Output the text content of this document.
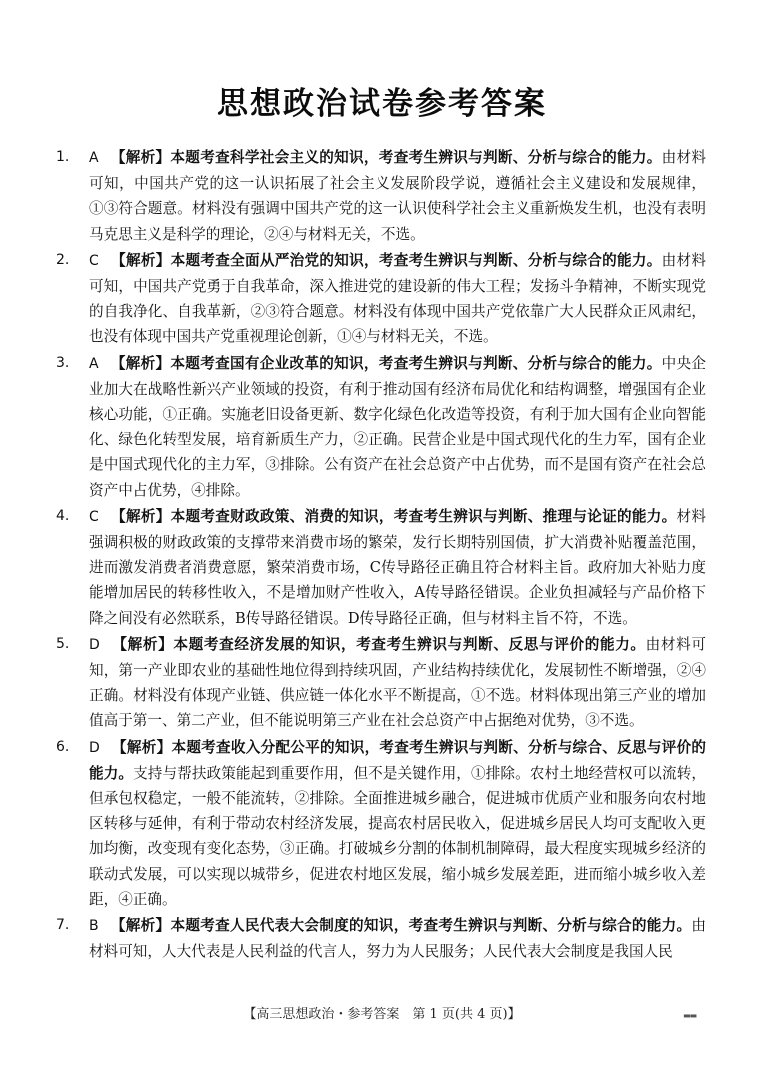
思想政治试卷参考答案

1.	A 【解析】本题考查科学社会主义的知识，考查考生辨识与判断、分析与综合的能力。由材料可知，中国共产党的这一认识拓展了社会主义发展阶段学说，遵循社会主义建设和发展规律，①③符合题意。材料没有强调中国共产党的这一认识使科学社会主义重新焕发生机，也没有表明马克思主义是科学的理论，②④与材料无关，不选。

2.	C 【解析】本题考查全面从严治党的知识，考查考生辨识与判断、分析与综合的能力。由材料可知，中国共产党勇于自我革命，深入推进党的建设新的伟大工程；发扬斗争精神，不断实现党的自我净化、自我革新，②③符合题意。材料没有体现中国共产党依靠广大人民群众正风肃纪，也没有体现中国共产党重视理论创新，①④与材料无关，不选。

3.	A 【解析】本题考查国有企业改革的知识，考查考生辨识与判断、分析与综合的能力。中央企业加大在战略性新兴产业领域的投资，有利于推动国有经济布局优化和结构调整，增强国有企业核心功能，①正确。实施老旧设备更新、数字化绿色化改造等投资，有利于加大国有企业向智能化、绿色化转型发展，培育新质生产力，②正确。民营企业是中国式现代化的生力军，国有企业是中国式现代化的主力军，③排除。公有资产在社会总资产中占优势，而不是国有资产在社会总资产中占优势，④排除。

4.	C 【解析】本题考查财政政策、消费的知识，考查考生辨识与判断、推理与论证的能力。材料强调积极的财政政策的支撑带来消费市场的繁荣，发行长期特别国债，扩大消费补贴覆盖范围，进而激发消费者消费意愿，繁荣消费市场，C传导路径正确且符合材料主旨。政府加大补贴力度能增加居民的转移性收入，不是增加财产性收入，A传导路径错误。企业负担减轻与产品价格下降之间没有必然联系，B传导路径错误。D传导路径正确，但与材料主旨不符，不选。

5.	D 【解析】本题考查经济发展的知识，考查考生辨识与判断、反思与评价的能力。由材料可知，第一产业即农业的基础性地位得到持续巩固，产业结构持续优化，发展韧性不断增强，②④正确。材料没有体现产业链、供应链一体化水平不断提高，①不选。材料体现出第三产业的增加值高于第一、第二产业，但不能说明第三产业在社会总资产中占据绝对优势，③不选。

6.	D 【解析】本题考查收入分配公平的知识，考查考生辨识与判断、分析与综合、反思与评价的能力。支持与帮扶政策能起到重要作用，但不是关键作用，①排除。农村土地经营权可以流转，但承包权稳定，一般不能流转，②排除。全面推进城乡融合，促进城市优质产业和服务向农村地区转移与延伸，有利于带动农村经济发展，提高农村居民收入，促进城乡居民人均可支配收入更加均衡，改变现有变化态势，③正确。打破城乡分割的体制机制障碍，最大程度实现城乡经济的联动式发展，可以实现以城带乡，促进农村地区发展，缩小城乡发展差距，进而缩小城乡收入差距，④正确。

7.	B 【解析】本题考查人民代表大会制度的知识，考查考生辨识与判断、分析与综合的能力。由材料可知，人大代表是人民利益的代言人，努力为人民服务；人民代表大会制度是我国人民

【高三思想政治・参考答案　第 1 页(共 4 页)】	▬▬
